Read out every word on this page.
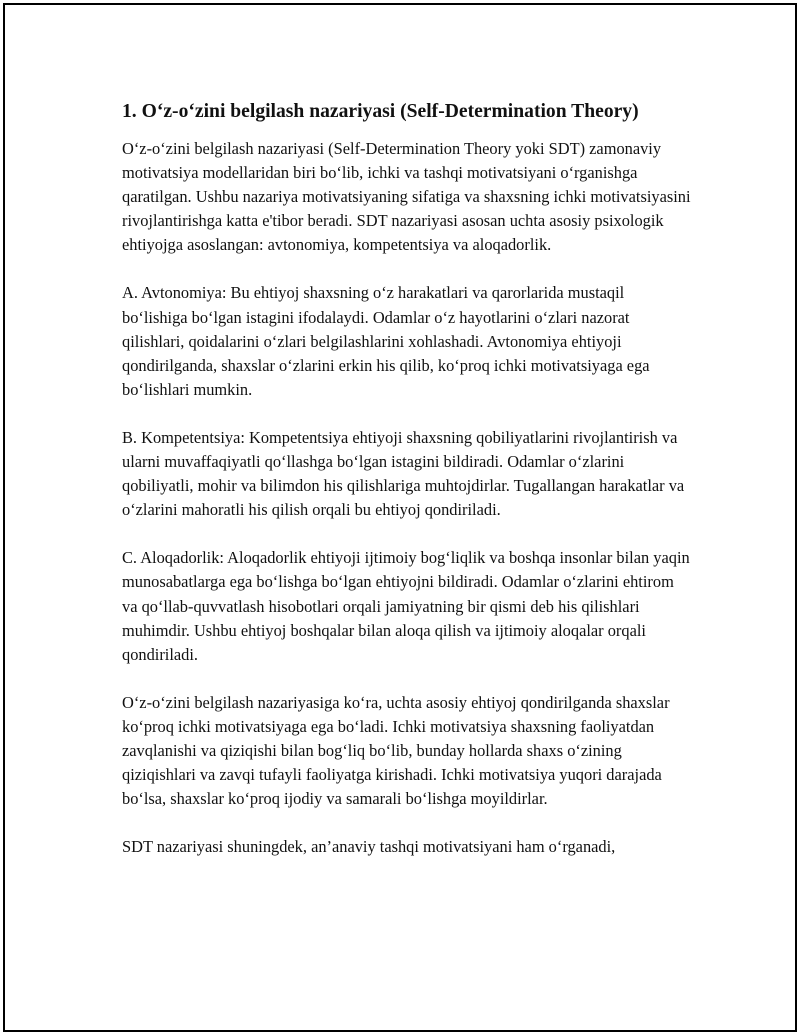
1. O‘z-o‘zini belgilash nazariyasi (Self-Determination Theory)

O‘z-o‘zini belgilash nazariyasi (Self-Determination Theory yoki SDT) zamonaviy motivatsiya modellaridan biri bo‘lib, ichki va tashqi motivatsiyani o‘rganishga qaratilgan. Ushbu nazariya motivatsiyaning sifatiga va shaxsning ichki motivatsiyasini rivojlantirishga katta e'tibor beradi. SDT nazariyasi asosan uchta asosiy psixologik ehtiyojga asoslangan: avtonomiya, kompetentsiya va aloqadorlik.

A. Avtonomiya: Bu ehtiyoj shaxsning o‘z harakatlari va qarorlarida mustaqil bo‘lishiga bo‘lgan istagini ifodalaydi. Odamlar o‘z hayotlarini o‘zlari nazorat qilishlari, qoidalarini o‘zlari belgilashlarini xohlashadi. Avtonomiya ehtiyoji qondirilganda, shaxslar o‘zlarini erkin his qilib, ko‘proq ichki motivatsiyaga ega bo‘lishlari mumkin.

B. Kompetentsiya: Kompetentsiya ehtiyoji shaxsning qobiliyatlarini rivojlantirish va ularni muvaffaqiyatli qo‘llashga bo‘lgan istagini bildiradi. Odamlar o‘zlarini qobiliyatli, mohir va bilimdon his qilishlariga muhtojdirlar. Tugallangan harakatlar va o‘zlarini mahoratli his qilish orqali bu ehtiyoj qondiriladi.

C. Aloqadorlik: Aloqadorlik ehtiyoji ijtimoiy bog‘liqlik va boshqa insonlar bilan yaqin munosabatlarga ega bo‘lishga bo‘lgan ehtiyojni bildiradi. Odamlar o‘zlarini ehtirom va qo‘llab-quvvatlash hisobotlari orqali jamiyatning bir qismi deb his qilishlari muhimdir. Ushbu ehtiyoj boshqalar bilan aloqa qilish va ijtimoiy aloqalar orqali qondiriladi.

O‘z-o‘zini belgilash nazariyasiga ko‘ra, uchta asosiy ehtiyoj qondirilganda shaxslar ko‘proq ichki motivatsiyaga ega bo‘ladi. Ichki motivatsiya shaxsning faoliyatdan zavqlanishi va qiziqishi bilan bog‘liq bo‘lib, bunday hollarda shaxs o‘zining qiziqishlari va zavqi tufayli faoliyatga kirishadi. Ichki motivatsiya yuqori darajada bo‘lsa, shaxslar ko‘proq ijodiy va samarali bo‘lishga moyildirlar.

SDT nazariyasi shuningdek, an’anaviy tashqi motivatsiyani ham o‘rganadi,
